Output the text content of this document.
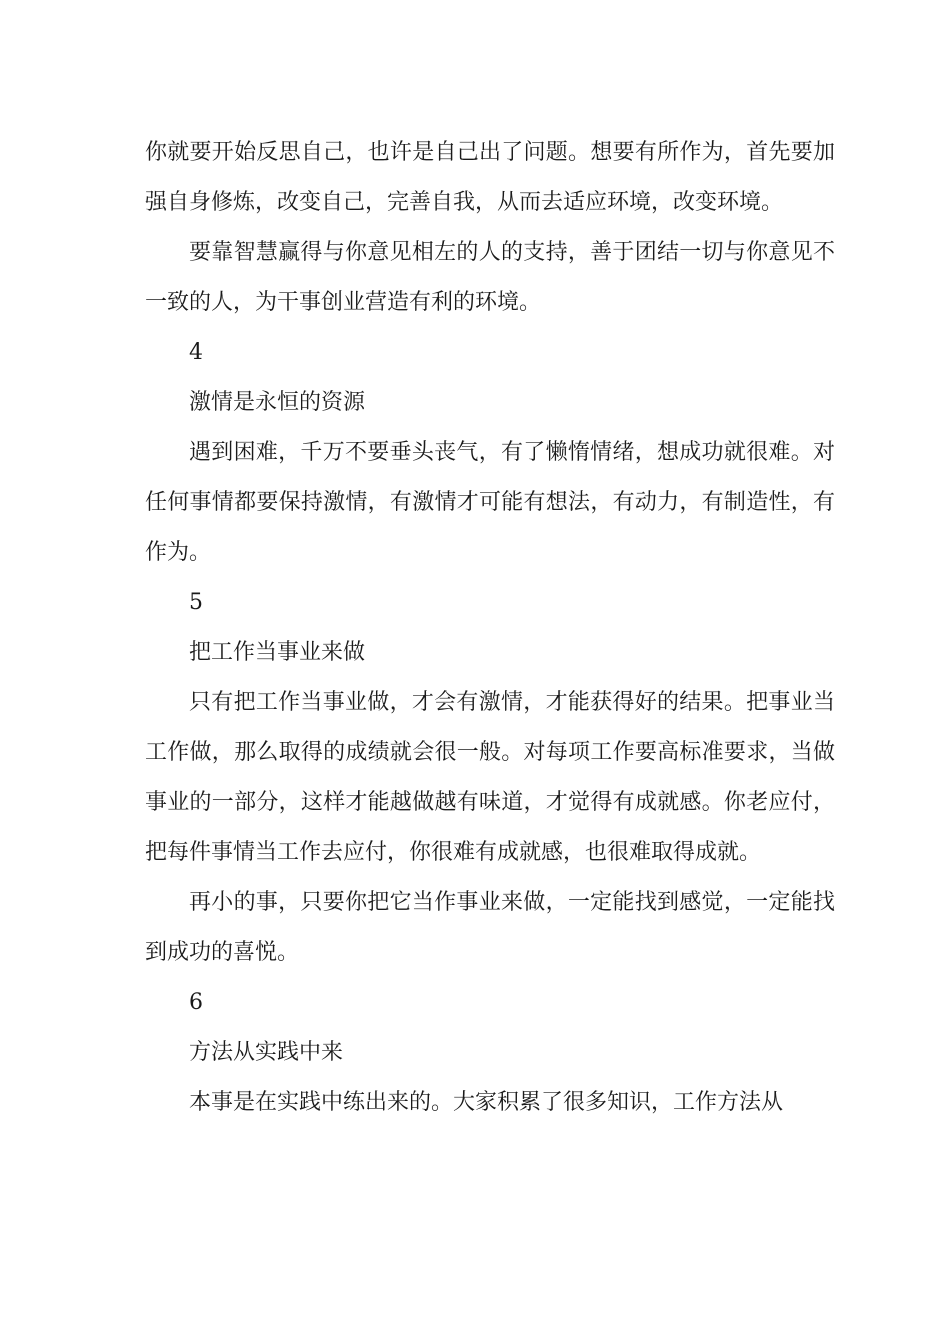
你就要开始反思自己，也许是自己出了问题。想要有所作为，首先要加强自身修炼，改变自己，完善自我，从而去适应环境，改变环境。

要靠智慧赢得与你意见相左的人的支持，善于团结一切与你意见不一致的人，为干事创业营造有利的环境。

4

激情是永恒的资源

遇到困难，千万不要垂头丧气，有了懒惰情绪，想成功就很难。对任何事情都要保持激情，有激情才可能有想法，有动力，有制造性，有作为。

5

把工作当事业来做

只有把工作当事业做，才会有激情，才能获得好的结果。把事业当工作做，那么取得的成绩就会很一般。对每项工作要高标准要求，当做事业的一部分，这样才能越做越有味道，才觉得有成就感。你老应付，把每件事情当工作去应付，你很难有成就感，也很难取得成就。

再小的事，只要你把它当作事业来做，一定能找到感觉，一定能找到成功的喜悦。

6

方法从实践中来

本事是在实践中练出来的。大家积累了很多知识，工作方法从
